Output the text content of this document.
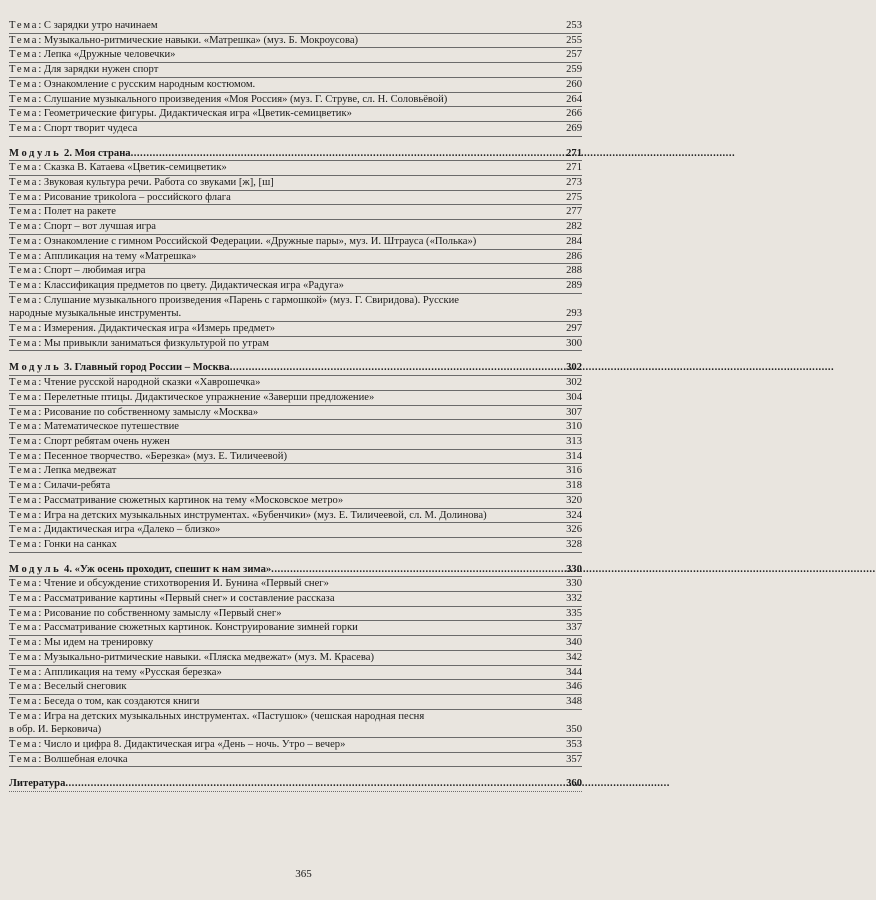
Тема: С зарядки утро начинаем	253
Тема: Музыкально-ритмические навыки. «Матрешка» (муз. Б. Мокроусова)	255
Тема: Лепка «Дружные человечки»	257
Тема: Для зарядки нужен спорт	259
Тема: Ознакомление с русским народным костюмом.	260
Тема: Слушание музыкального произведения «Моя Россия» (муз. Г. Струве, сл. Н. Соловьёвой)	264
Тема: Геометрические фигуры. Дидактическая игра «Цветик-семицветик»	266
Тема: Спорт творит чудеса	269
Модуль 2. Моя страна .....	271
Тема: Сказка В. Катаева «Цветик-семицветик»	271
Тема: Звуковая культура речи. Работа со звуками [ж], [ш]	273
Тема: Рисование трикolora – российского флага	275
Тема: Полет на ракете	277
Тема: Спорт – вот лучшая игра	282
Тема: Ознакомление с гимном Российской Федерации. «Дружные пары», муз. И. Штрауса («Полька»)	284
Тема: Аппликация на тему «Матрешка»	286
Тема: Спорт – любимая игра	288
Тема: Классификация предметов по цвету. Дидактическая игра «Радуга»	289
Тема: Слушание музыкального произведения «Парень с гармошкой» (муз. Г. Свиридова). Русские
народные музыкальные инструменты.	293
Тема: Измерения. Дидактическая игра «Измерь предмет»	297
Тема: Мы привыкли заниматься физкультурой по утрам	300
Модуль 3. Главный город России – Москва .....	302
Тема: Чтение русской народной сказки «Хаврошечка»	302
Тема: Перелетные птицы. Дидактическое упражнение «Заверши предложение»	304
Тема: Рисование по собственному замыслу «Москва»	307
Тема: Математическое путешествие	310
Тема: Спорт ребятам очень нужен	313
Тема: Песенное творчество. «Березка» (муз. Е. Тиличеевой)	314
Тема: Лепка медвежат	316
Тема: Силачи-ребята	318
Тема: Рассматривание сюжетных картинок на тему «Московское метро»	320
Тема: Игра на детских музыкальных инструментах. «Бубенчики» (муз. Е. Тиличеевой, сл. М. Долинова)	324
Тема: Дидактическая игра «Далеко – близко»	326
Тема: Гонки на санках	328
Модуль 4. «Уж осень проходит, спешит к нам зима» .....	330
Тема: Чтение и обсуждение стихотворения И. Бунина «Первый снег»	330
Тема: Рассматривание картины «Первый снег» и составление рассказа	332
Тема: Рисование по собственному замыслу «Первый снег»	335
Тема: Рассматривание сюжетных картинок. Конструирование зимней горки	337
Тема: Мы идем на тренировку	340
Тема: Музыкально-ритмические навыки. «Пляска медвежат» (муз. М. Красева)	342
Тема: Аппликация на тему «Русская березка»	344
Тема: Веселый снеговик	346
Тема: Беседа о том, как создаются книги	348
Тема: Игра на детских музыкальных инструментах. «Пастушок» (чешская народная песня
в обр. И. Берковича)	350
Тема: Число и цифра 8. Дидактическая игра «День – ночь. Утро – вечер»	353
Тема: Волшебная елочка	357
Литература .....	360
365
